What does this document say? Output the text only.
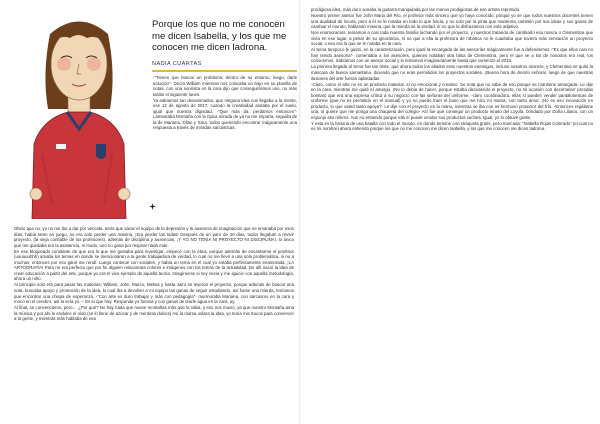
Porque los que no me conocen me dicen Isabella, y los que me conocen me dicen ladrona.
NADIA CUARTAS

-"Tienen que buscar un problema, dentro de su entorno, luego, darle solución"- Decía William mientras nos colocaba un bajo en su planilla de notas, con una sonrisita en la cara dijo que conseguiríamos uno, no más tardar el siguiente lunes.

Ya sabíamos tan desanimados, que ninguna idea nos llegaba a la mente, ese 12 de agosto de 2017, cuando la creatividad andaba por el suelo, igual que nuestra dignidad. -"Que más da, perdamos entonces"- Lamentaba Montaña con la típica mirada de ya no me importa, seguida de la de Mariana, Dilan y Sara, todos queriendo encontrar mágicamente una respuesta a través de miradas sarcásticas.

Obvio que no, yo no me iba a dar por vencida, tenía que sacar el equipo de la depresión y la ausencia de imaginación que se emanaba por esos días, había tanto en juego, no era solo perder una materia, ¡Era perder las todas! Después de un paro de 40 días, todos llegaban a revivir proyecto, (la vieja confiable de los profesores), además de disciplina y ausencias, ¡Y YO NO TENÍA NI PROYECTO NI DISCIPLINA!, lo único que me quedaba era la asistencia, ni modo, uno no gana por respirar nada más.

En ese bloqueado constante de que era lo que me gustaba para investigar, empecé con la ética, porque además de encantarme el profesor (uuuuuuhhh) amaba los temas en donde se mencionaran a la gente trabajadora de verdad, lo cual no me llevó a una sola problemática, si no a muchas, entonces por eso gané me rendí. Luego continué con sociales, y había un tema en el cual yo estaba perfectamente enamorada, ¡LA ARTOGRAFÍA! Para mí era perfecto que por fin alguien relacionara colores e imágenes con los temas de la actualidad. De allí nació la idea de crear educación a partir del arte, porque yo era el vivo ejemplo de aquella teoría. Imagínense si soy necia y me ajuicie con aquella metodología, ahora un niño.

Al principio solo era para pasar las materias; William, John, Marco, Melisa y hasta Jairo se leyeron el proyecto, porque además de buscar una nota, buscaba apoyo y promoción de la idea, lo cual iba a devolver a mi equipo las ganas de seguir estudiando, así fuese una mierda, teníamos que encontrar una chispa de esperanza. -"Con arte es duro trabajar y más con pedagogía"- murmuraba Mariana, con sarcasmo en la cara y moco en el cerebro, así la veía yo. – Es lo que hay. Responda yo furiosa y con ganas de tirarle agua en la cara, uy.

Al final, se convencieron, pero… ¿Por qué? No hay nada que nueve montañas más que la rabia, y eso nos movió, ya que nuestro Montaña ama la música y por ahí le endulce el oído (se lo llene de azúcar y de mentiras dulces) Así la mama odiara la idea, yo tenía mis trucos para convencer a la gente, y mientras más hablaba de esa

prodigiosa idea, más duro sonaba la guitarra manipulada por las manos prodigiosas de ese artista reprimido.

Nuestro primer asesor fue John Mario del Río, el profesor más sincero que yo haya conocido, porque yo se que todos nuestros docentes tienen una dualidad de locura, pero a él se le notaba en todo lo que hacía, y no solo por la pinta que mantenía, también por sus ideas y sus ganas de cambiar el mundo; hablando miseria, que la mierda se la verdad, sí no que la disfrazamos con este adjetivo.

Nos enamoramos, teníamos a casi toda nuestra familia luchando por el proyecto, y nuestros tratando de cambiarlo esa mosca o Clementina que vivía en ese lugar, a pesar de su ignorancia, sí no que a ella la profesora de robótica no le cuadraba que tuviera más sensación un proyecto social, o eso era lo que se le notaba en la cara.

Al Sena tampoco le gustó, en la caracterización, pero igual la encargada de las asesorías mágicamente fue a defendernos -"Es que ellos casi no han tenido asesoría"- comentaba a los asesores, quienes notaban otra falsa de Clementina, pero el que ve a los de nosotros era real, los conocemos. Sabíamos con un asesor social y lo teníamos imaginariamente hasta que comenzó el 2018.

La primera llegada al Sena fue tan triste, que ahora todos los aliados eran nuestros enemigos, incluso nosotros mismos, y Clementina se quitó la máscara de buena samaritana, diciendo que no eran permitidos los proyectos sociales, ¡Buena hora de decirlo señora!, luego de que nuestras ilusiones del arte fueran aplastadas.

-Claro, como el arte no es un producto material, sí no emocional y creativo. Se nota que no sabe de eso porque se mantiene amargada- Le dije en la cara, mientras me quité el amargo. (No lo debía de hacer, porque estaba discutiendo el proyecto, no mi ocasión con decirmelas' prendas bonitas) que era una expresa crítica a su negocio con las señoras del uniforme, -claro coordinadora, ellas sí pueden vender pantaloneticas de uniforme (que no es permitido en el manual) y yo no puedo traer el buso que me hizo mi mama, con tanto amor, ¡No es eso innovación en producto, lo que usted tanto apoya?- Le dije con el proyecto en la mano, mientras se iba con mi hermoso protector del frío. -Entonces regálame una, sí quiere que me ponga una chaqueta del colegio- Así fue que conseguí un producto innato del Loyola, brindado por Doña Liliana, con un esponjo sito relleno. Aun no entiendo porque ella sí puede vender sus productos caches. Igual, yo lo obtuve gratis.

Y esta es la historia de una batalla con todo el mundo, en donde termine con chaqueta gratis, pero marcada: "Isabella Rojas Colorado" (el cual no es mi nombre) ahora entiendo porque los que no me conocen me dicen Isabella, y los que me conocen me dicen ladrona.
